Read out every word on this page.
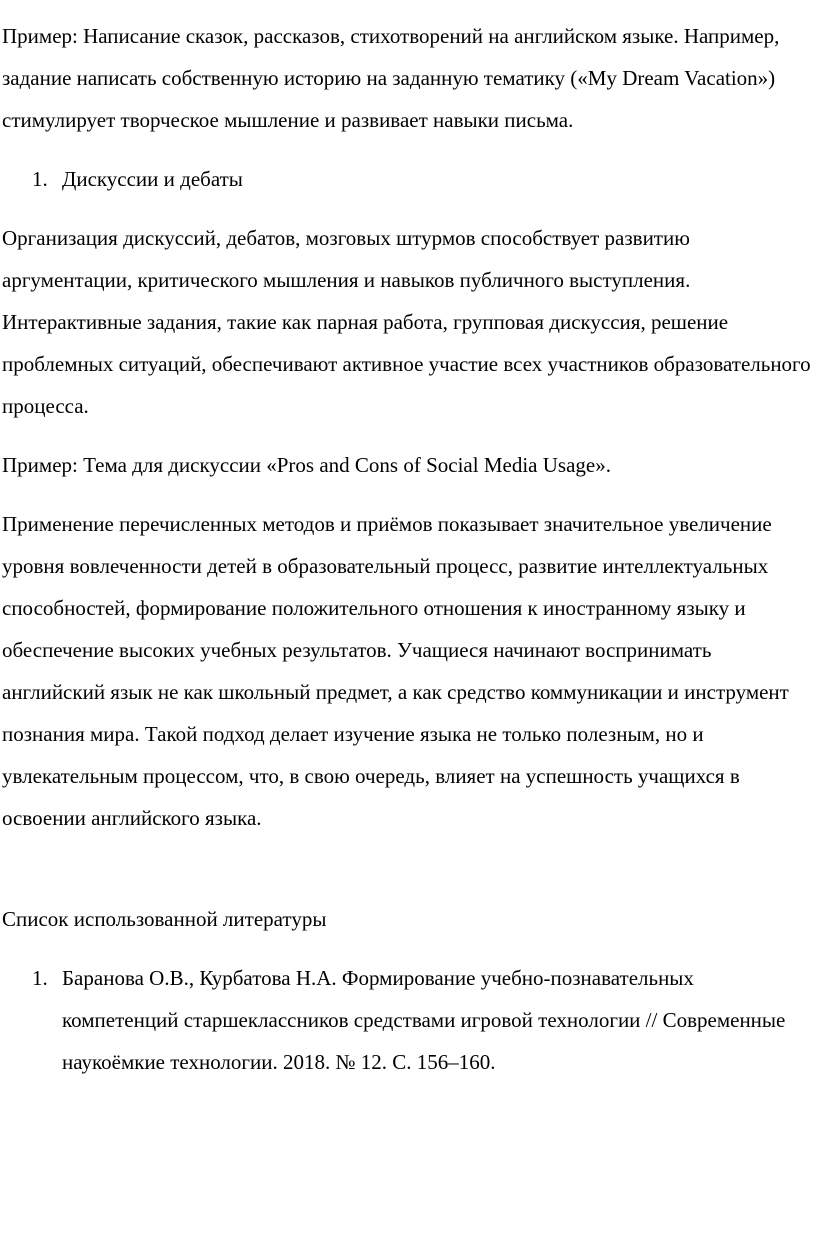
Пример: Написание сказок, рассказов, стихотворений на английском языке. Например, задание написать собственную историю на заданную тематику («My Dream Vacation») стимулирует творческое мышление и развивает навыки письма.

1. Дискуссии и дебаты

Организация дискуссий, дебатов, мозговых штурмов способствует развитию аргументации, критического мышления и навыков публичного выступления. Интерактивные задания, такие как парная работа, групповая дискуссия, решение проблемных ситуаций, обеспечивают активное участие всех участников образовательного процесса.

Пример: Тема для дискуссии «Pros and Cons of Social Media Usage».

Применение перечисленных методов и приёмов показывает значительное увеличение уровня вовлеченности детей в образовательный процесс, развитие интеллектуальных способностей, формирование положительного отношения к иностранному языку и обеспечение высоких учебных результатов. Учащиеся начинают воспринимать английский язык не как школьный предмет, а как средство коммуникации и инструмент познания мира. Такой подход делает изучение языка не только полезным, но и увлекательным процессом, что, в свою очередь, влияет на успешность учащихся в освоении английского языка.

Список использованной литературы

1. Баранова О.В., Курбатова Н.А. Формирование учебно-познавательных компетенций старшеклассников средствами игровой технологии // Современные наукоёмкие технологии. 2018. № 12. С. 156–160.
